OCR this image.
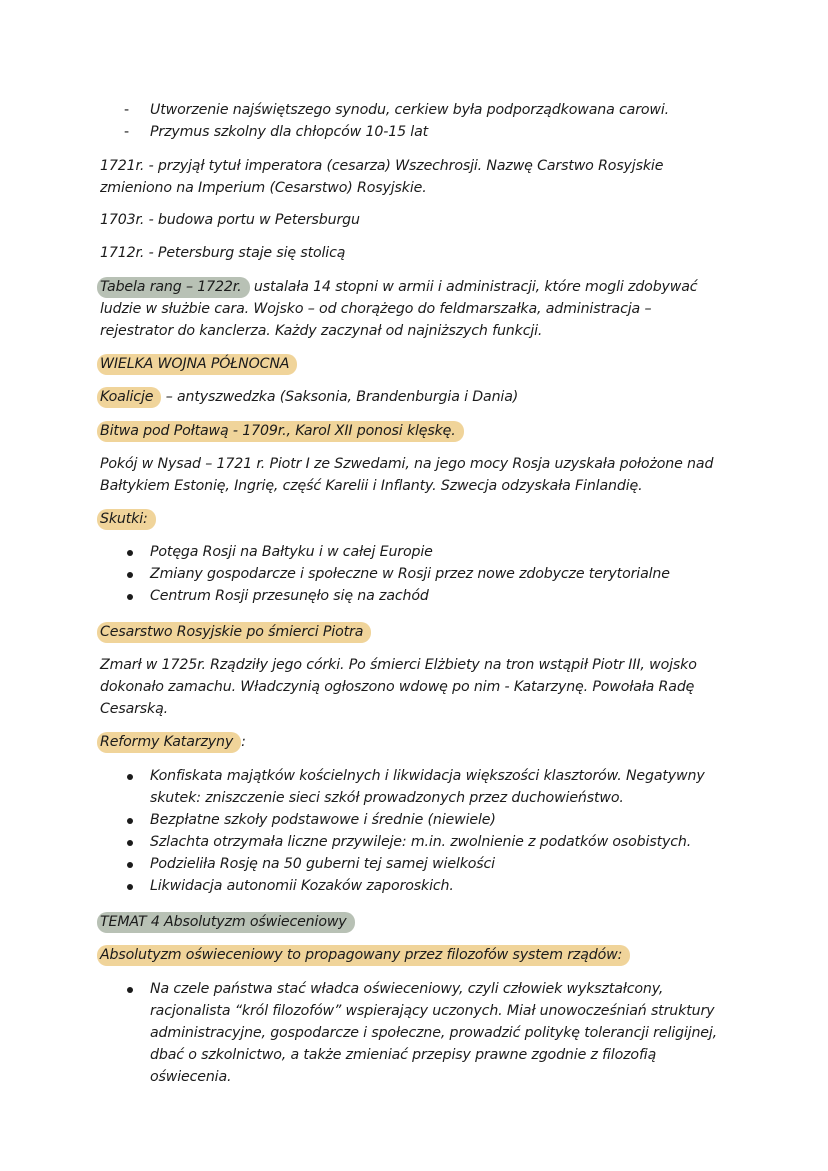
- Utworzenie najświętszego synodu, cerkiew była podporządkowana carowi.
- Przymus szkolny dla chłopców 10-15 lat

1721r. - przyjął tytuł imperatora (cesarza) Wszechrosji. Nazwę Carstwo Rosyjskie zmieniono na Imperium (Cesarstwo) Rosyjskie.

1703r. - budowa portu w Petersburgu

1712r. - Petersburg staje się stolicą

Tabela rang – 1722r. ustalała 14 stopni w armii i administracji, które mogli zdobywać ludzie w służbie cara. Wojsko – od chorążego do feldmarszałka, administracja – rejestrator do kanclerza. Każdy zaczynał od najniższych funkcji.

WIELKA WOJNA PÓŁNOCNA

Koalicje – antyszwedzka (Saksonia, Brandenburgia i Dania)

Bitwa pod Połtawą - 1709r., Karol XII ponosi klęskę.

Pokój w Nysad – 1721 r. Piotr I ze Szwedami, na jego mocy Rosja uzyskała położone nad Bałtykiem Estonię, Ingrię, część Karelii i Inflanty. Szwecja odzyskała Finlandię.

Skutki:

Potęga Rosji na Bałtyku i w całej Europie
Zmiany gospodarcze i społeczne w Rosji przez nowe zdobycze terytorialne
Centrum Rosji przesunęło się na zachód

Cesarstwo Rosyjskie po śmierci Piotra

Zmarł w 1725r. Rządziły jego córki. Po śmierci Elżbiety na tron wstąpił Piotr III, wojsko dokonało zamachu. Władczynią ogłoszono wdowę po nim - Katarzynę. Powołała Radę Cesarską.

Reformy Katarzyny :

Konfiskata majątków kościelnych i likwidacja większości klasztorów. Negatywny skutek: zniszczenie sieci szkół prowadzonych przez duchowieństwo.
Bezpłatne szkoły podstawowe i średnie (niewiele)
Szlachta otrzymała liczne przywileje: m.in. zwolnienie z podatków osobistych.
Podzieliła Rosję na 50 guberni tej samej wielkości
Likwidacja autonomii Kozaków zaporoskich.

TEMAT 4 Absolutyzm oświeceniowy

Absolutyzm oświeceniowy to propagowany przez filozofów system rządów:

Na czele państwa stać władca oświeceniowy, czyli człowiek wykształcony, racjonalista “król filozofów” wspierający uczonych. Miał unowocześniań struktury administracyjne, gospodarcze i społeczne, prowadzić politykę tolerancji religijnej, dbać o szkolnictwo, a także zmieniać przepisy prawne zgodnie z filozofią oświecenia.
